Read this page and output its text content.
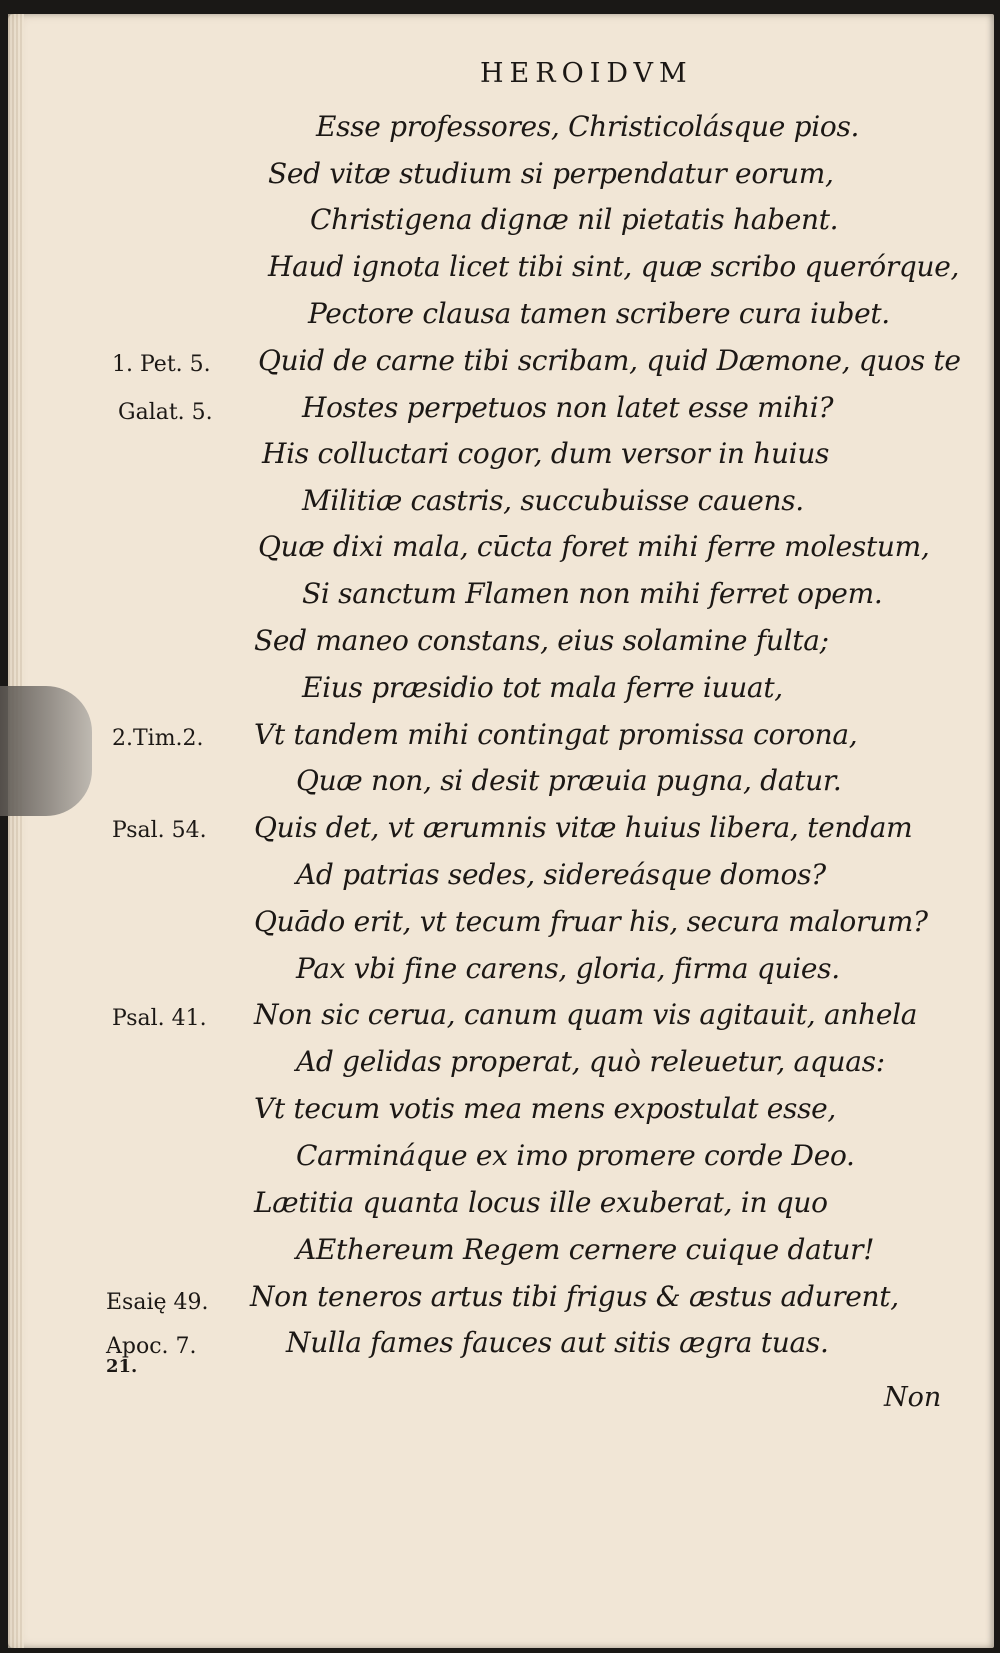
HEROIDVM
Esse professores, Christicolásque pios.
Sed vitæ studium si perpendatur eorum,
Christigena dignæ nil pietatis habent.
Haud ignota licet tibi sint, quæ scribo querórque,
Pectore clausa tamen scribere cura iubet.
Quid de carne tibi scribam, quid Dæmone, quos te
Hostes perpetuos non latet esse mihi?
His colluctari cogor, dum versor in huius
Militiæ castris, succubuisse cauens.
Quæ dixi mala, cūcta foret mihi ferre molestum,
Si sanctum Flamen non mihi ferret opem.
Sed maneo constans, eius solamine fulta;
Eius præsidio tot mala ferre iuuat,
Vt tandem mihi contingat promissa corona,
Quæ non, si desit præuia pugna, datur.
Quis det, vt ærumnis vitæ huius libera, tendam
Ad patrias sedes, sidereásque domos?
Quādo erit, vt tecum fruar his, secura malorum?
Pax vbi fine carens, gloria, firma quies.
Non sic cerua, canum quam vis agitauit, anhela
Ad gelidas properat, quò releuetur, aquas:
Vt tecum votis mea mens expostulat esse,
Carmináque ex imo promere corde Deo.
Lætitia quanta locus ille exuberat, in quo
AEthereum Regem cernere cuique datur!
Non teneros artus tibi frigus & æstus adurent,
Nulla fames fauces aut sitis ægra tuas.
1. Pet. 5.
Galat. 5.
2.Tim.2.
Psal. 54.
Psal. 41.
Esaię 49.
Apoc. 7.
21.
Non
